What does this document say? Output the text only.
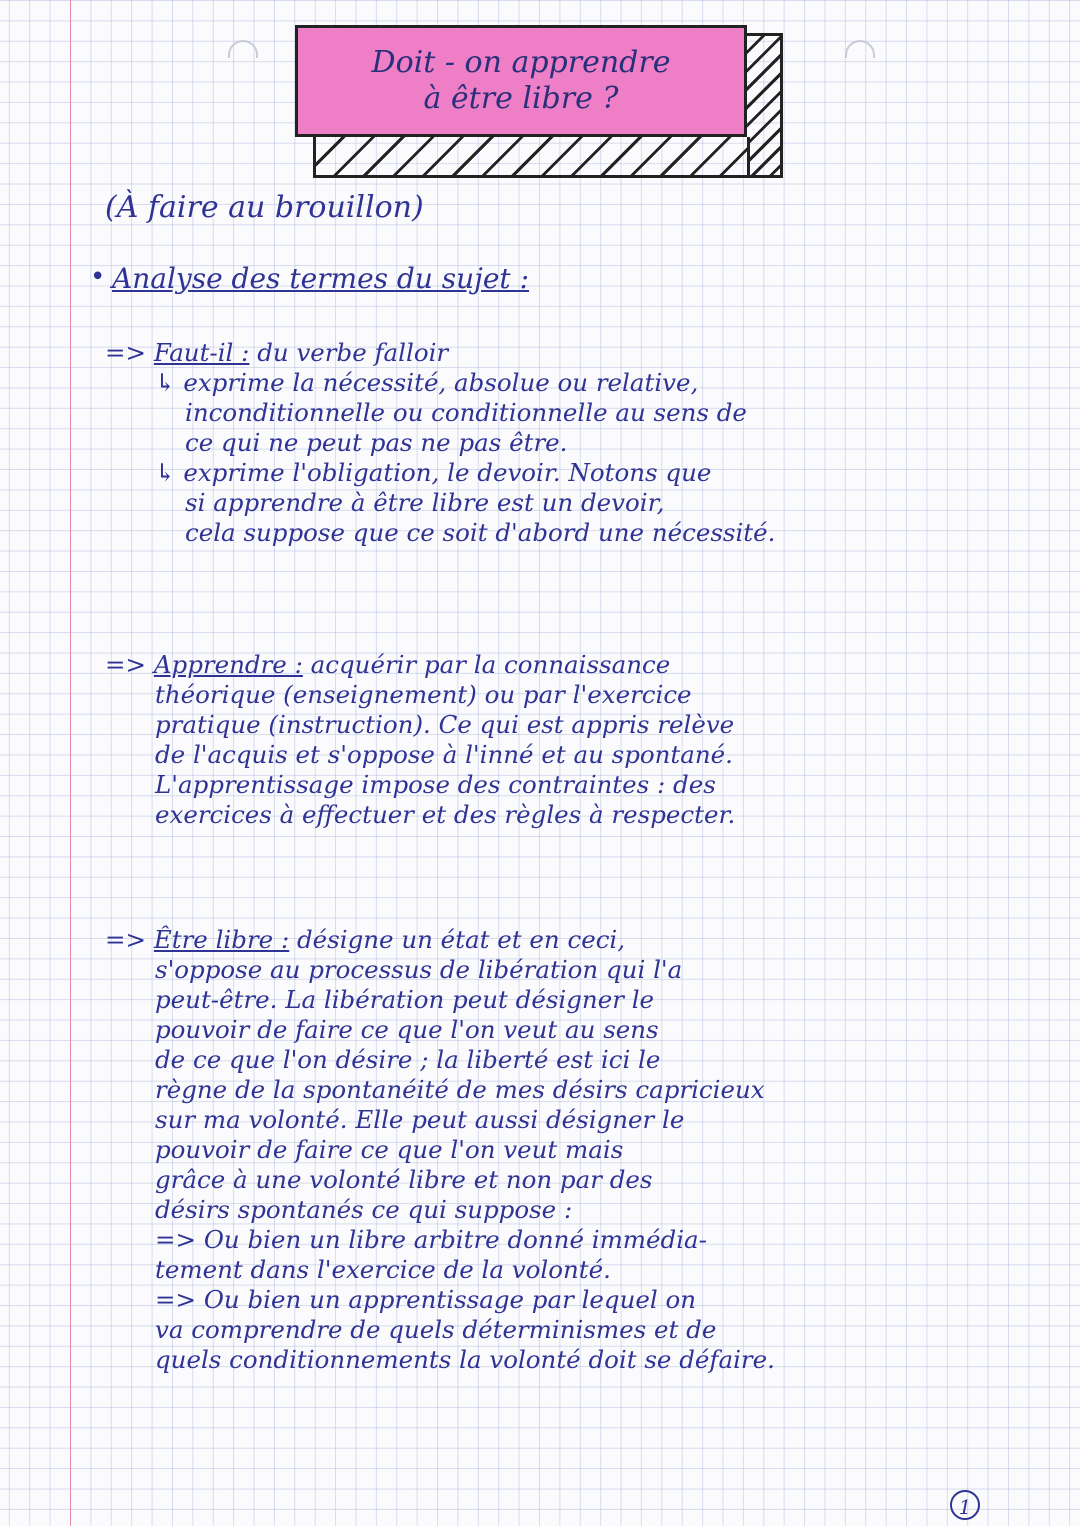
Doit - on apprendre
à être libre ?
(À faire au brouillon)
• Analyse des termes du sujet :
=> Faut-il : du verbe falloir
↳ exprime la nécessité, absolue ou relative,
inconditionnelle ou conditionnelle au sens de
ce qui ne peut pas ne pas être.
↳ exprime l'obligation, le devoir. Notons que
si apprendre à être libre est un devoir,
cela suppose que ce soit d'abord une nécessité.
=> Apprendre : acquérir par la connaissance
théorique (enseignement) ou par l'exercice
pratique (instruction). Ce qui est appris relève
de l'acquis et s'oppose à l'inné et au spontané.
L'apprentissage impose des contraintes : des
exercices à effectuer et des règles à respecter.
=> Être libre : désigne un état et en ceci,
s'oppose au processus de libération qui l'a
peut-être. La libération peut désigner le
pouvoir de faire ce que l'on veut au sens
de ce que l'on désire ; la liberté est ici le
règne de la spontanéité de mes désirs capricieux
sur ma volonté. Elle peut aussi désigner le
pouvoir de faire ce que l'on veut mais
grâce à une volonté libre et non par des
désirs spontanés ce qui suppose :
=> Ou bien un libre arbitre donné immédia-
tement dans l'exercice de la volonté.
=> Ou bien un apprentissage par lequel on
va comprendre de quels déterminismes et de
quels conditionnements la volonté doit se défaire.
1
